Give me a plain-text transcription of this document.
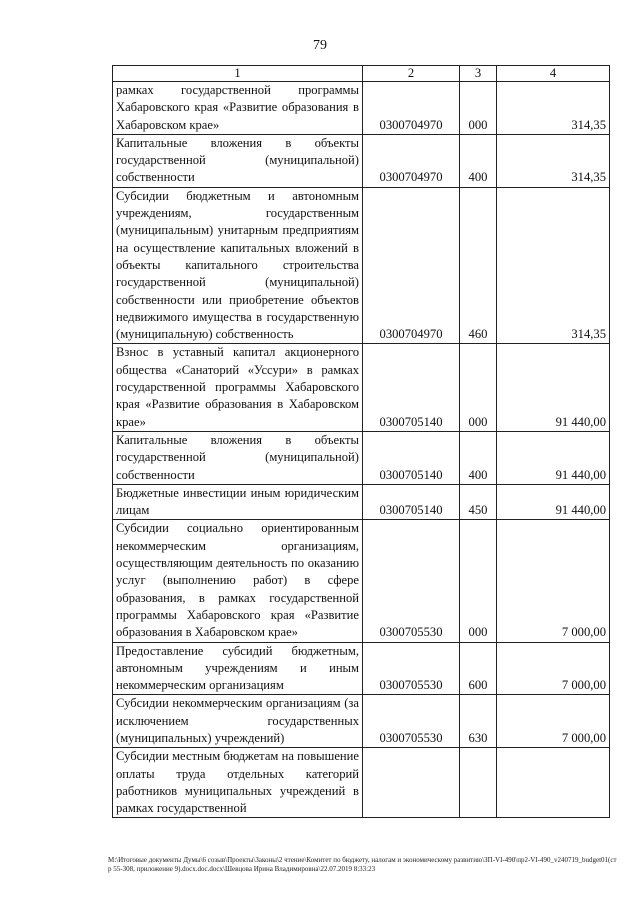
79
1	2	3	4
рамках государственной программы Хабаровского края «Развитие образования в Хабаровском крае»	0300704970	000	314,35
Капитальные вложения в объекты государственной (муниципальной) собственности	0300704970	400	314,35
Субсидии бюджетным и автономным учреждениям, государственным (муниципальным) унитарным предприятиям на осуществление капитальных вложений в объекты капитального строительства государственной (муниципальной) собственности или приобретение объектов недвижимого имущества в государственную (муниципальную) собственность	0300704970	460	314,35
Взнос в уставный капитал акционерного общества «Санаторий «Уссури» в рамках государственной программы Хабаровского края «Развитие образования в Хабаровском крае»	0300705140	000	91 440,00
Капитальные вложения в объекты государственной (муниципальной) собственности	0300705140	400	91 440,00
Бюджетные инвестиции иным юридическим лицам	0300705140	450	91 440,00
Субсидии социально ориентированным некоммерческим организациям, осуществляющим деятельность по оказанию услуг (выполнению работ) в сфере образования, в рамках государственной программы Хабаровского края «Развитие образования в Хабаровском крае»	0300705530	000	7 000,00
Предоставление субсидий бюджетным, автономным учреждениям и иным некоммерческим организациям	0300705530	600	7 000,00
Субсидии некоммерческим организациям (за исключением государственных (муниципальных) учреждений)	0300705530	630	7 000,00
Субсидии местным бюджетам на повышение оплаты труда отдельных категорий работников муниципальных учреждений в рамках государственной			
M:\Итоговые документы Думы\6 созыв\Проекты\Законы\2 чтение\Комитет по бюджету, налогам и экономическому развитию\ЗП-VI-490\пр2-VI-490_v240719_budget01(стр 55-308, приложение 9).docx.doc.docx\Шевцова Ирина Владимировна\22.07.2019 8:33:23
